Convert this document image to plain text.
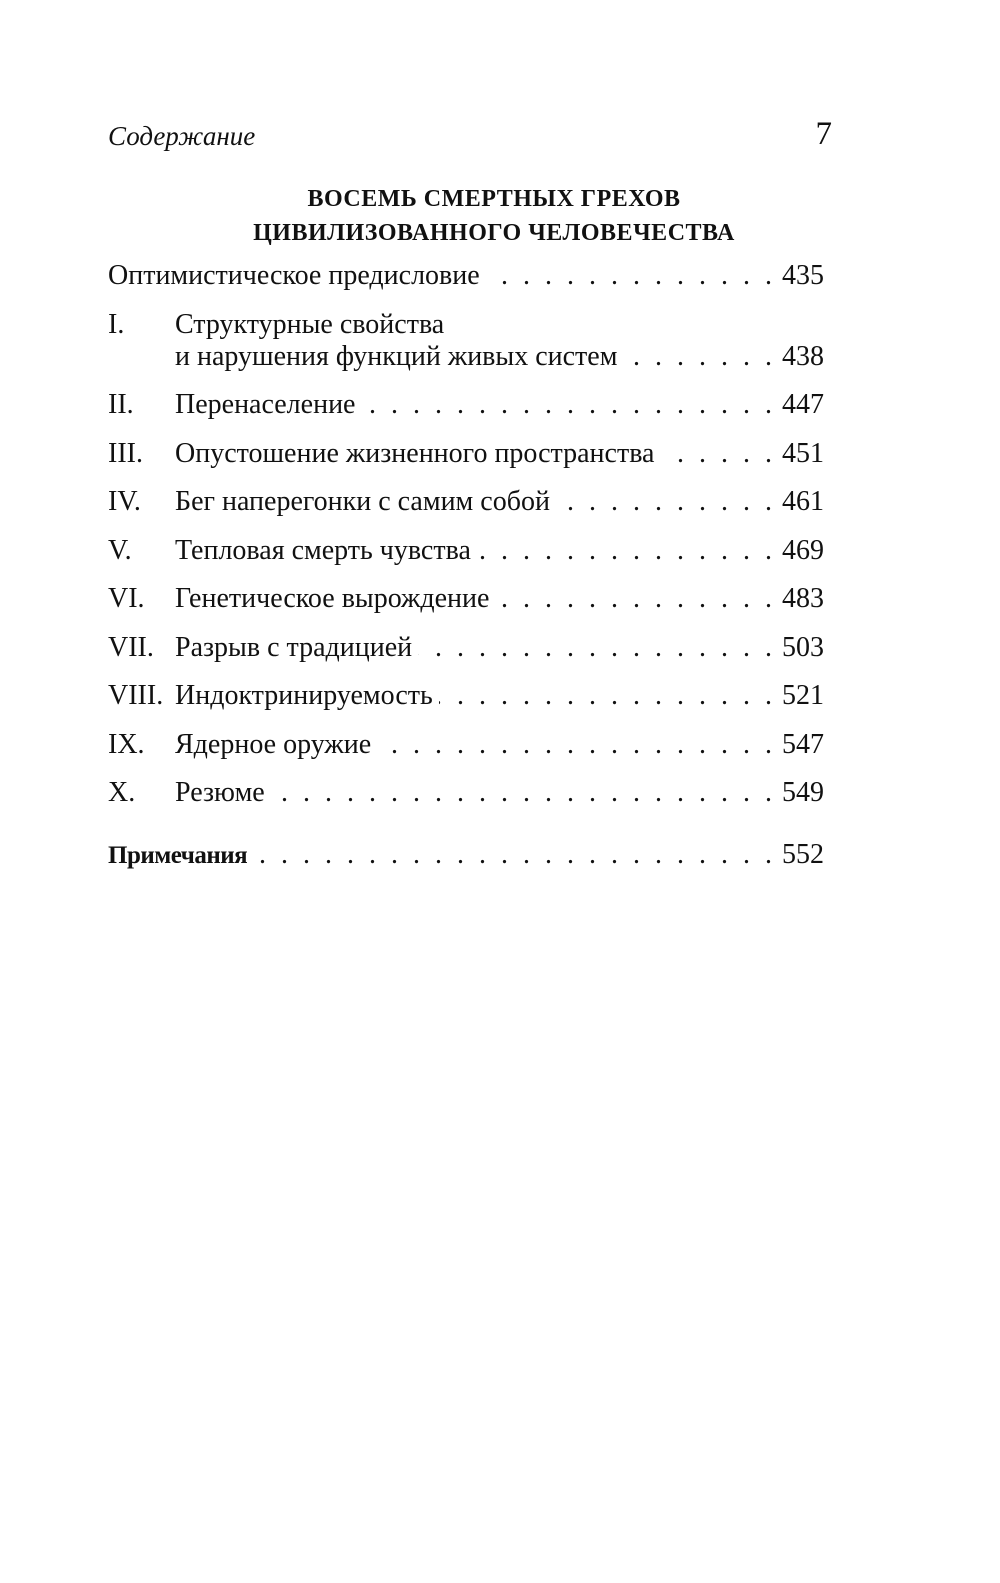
Содержание	7
ВОСЕМЬ СМЕРТНЫХ ГРЕХОВ
ЦИВИЛИЗОВАННОГО ЧЕЛОВЕЧЕСТВА
Оптимистическое предисловие . . .	435
I.	Структурные свойства
и нарушения функций живых систем . . .	438
II.	Перенаселение . . .	447
III.	Опустошение жизненного пространства . . .	451
IV.	Бег наперегонки с самим собой . . .	461
V.	Тепловая смерть чувства . . .	469
VI.	Генетическое вырождение . . .	483
VII. Разрыв с традицией . . .	503
VIII. Индоктринируемость . . .	521
IX.	Ядерное оружие . . .	547
X.	Резюме . . .	549
Примечания . . .	552
